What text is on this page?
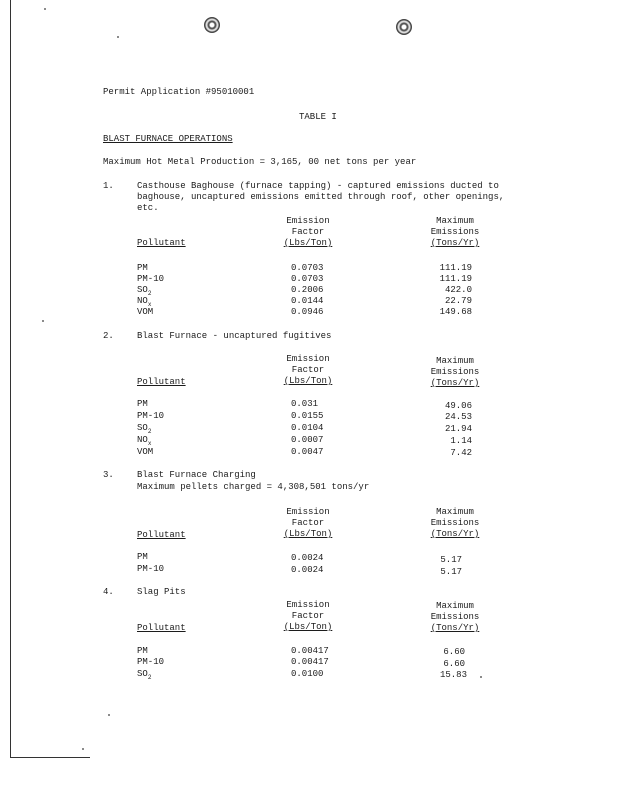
Permit Application #95010001
TABLE I
BLAST FURNACE OPERATIONS
Maximum Hot Metal Production = 3,165, 00 net tons per year
1.	Casthouse Baghouse (furnace tapping) - captured emissions ducted to
baghouse, uncaptured emissions emitted through roof, other openings,
etc.
Emission
Factor
(Lbs/Ton)
Maximum
Emissions
(Tons/Yr)
Pollutant
PM	0.0703	111.19
PM-10	0.0703	111.19
$SO_2$	0.2006	422.0
$NO_x$	0.0144	22.79
VOM	0.0946	149.68
2.	Blast Furnace - uncaptured fugitives
Emission
Factor
(Lbs/Ton)
Maximum
Emissions
(Tons/Yr)
Pollutant
PM	0.031	49.06
PM-10	0.0155	24.53
$SO_2$	0.0104	21.94
$NO_x$	0.0007	1.14
VOM	0.0047	7.42
3.	Blast Furnace Charging
Maximum pellets charged = 4,308,501 tons/yr
Emission
Factor
(Lbs/Ton)
Maximum
Emissions
(Tons/Yr)
Pollutant
PM	0.0024	5.17
PM-10	0.0024	5.17
4.	Slag Pits
Emission
Factor
(Lbs/Ton)
Maximum
Emissions
(Tons/Yr)
Pollutant
PM	0.00417	6.60
PM-10	0.00417	6.60
$SO_2$	0.0100	15.83
